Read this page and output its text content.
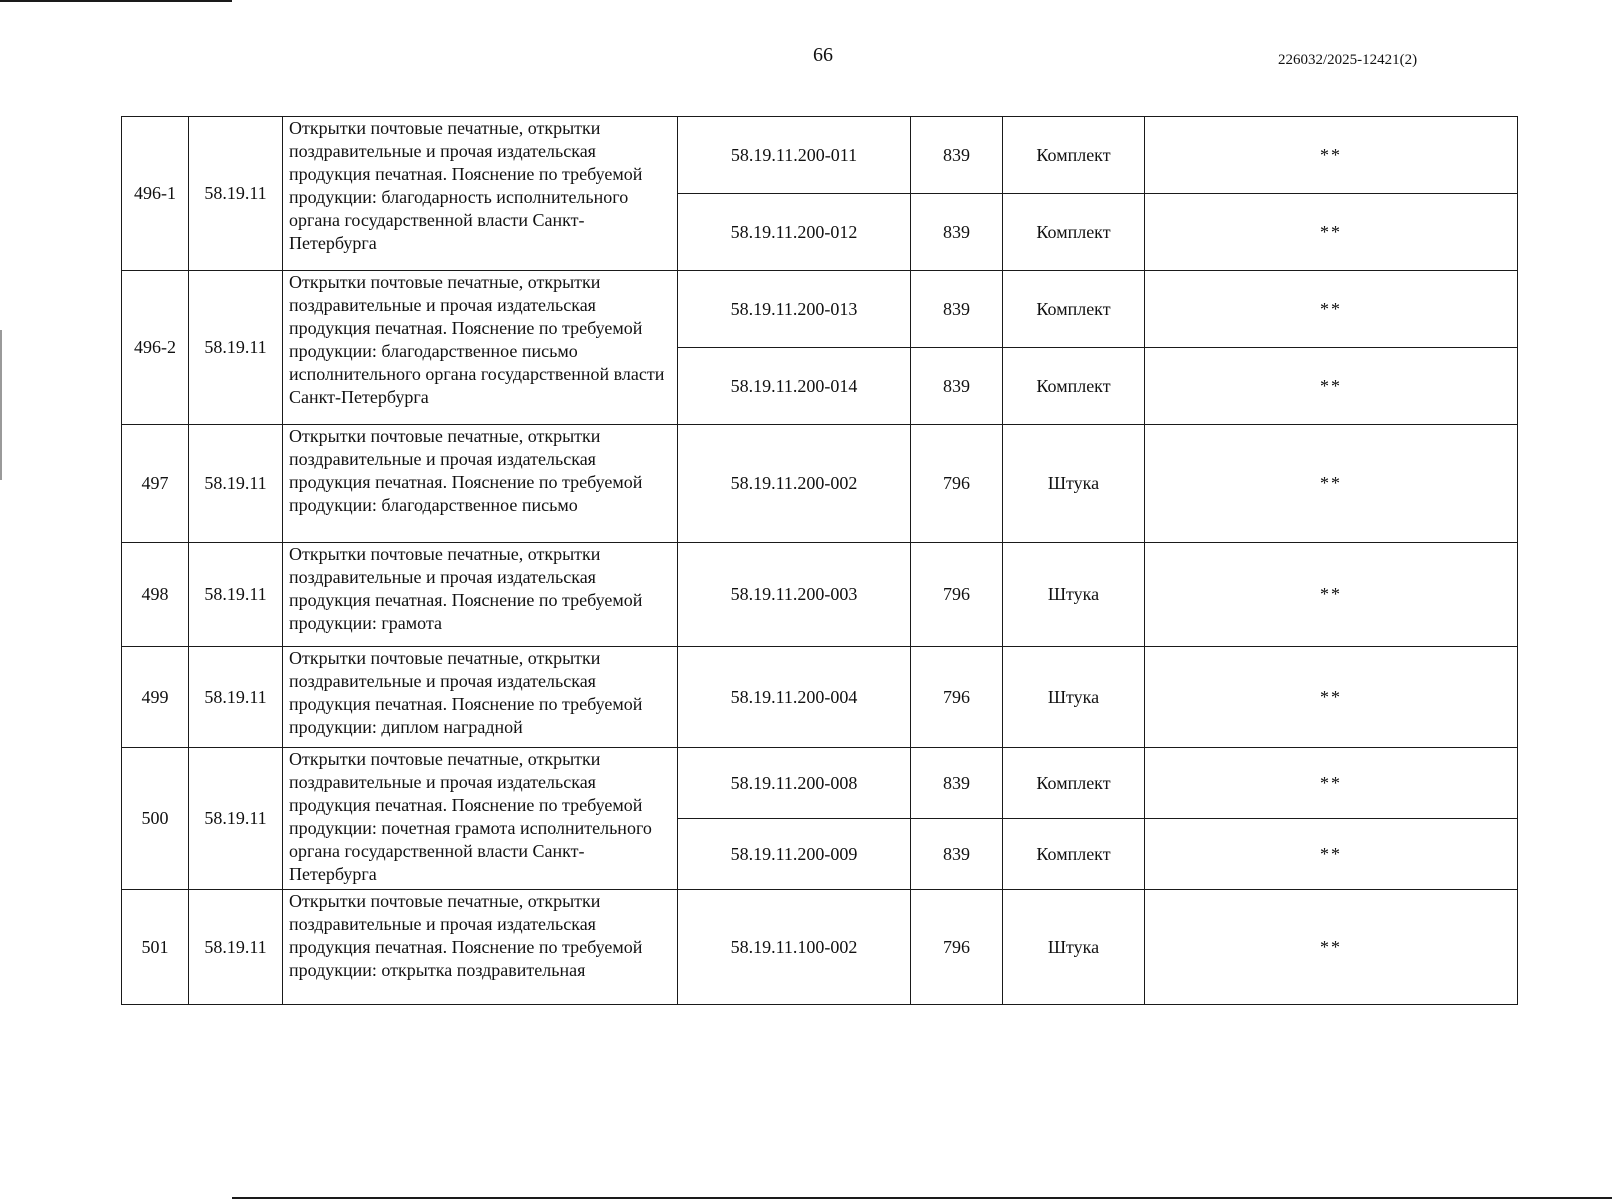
66	226032/2025-12421(2)
496-1	58.19.11	Открытки почтовые печатные, открытки поздравительные и прочая издательская продукция печатная. Пояснение по требуемой продукции: благодарность исполнительного органа государственной власти Санкт-Петербурга	58.19.11.200-011	839	Комплект	**
			58.19.11.200-012	839	Комплект	**
496-2	58.19.11	Открытки почтовые печатные, открытки поздравительные и прочая издательская продукция печатная. Пояснение по требуемой продукции: благодарственное письмо исполнительного органа государственной власти Санкт-Петербурга	58.19.11.200-013	839	Комплект	**
			58.19.11.200-014	839	Комплект	**
497	58.19.11	Открытки почтовые печатные, открытки поздравительные и прочая издательская продукция печатная. Пояснение по требуемой продукции: благодарственное письмо	58.19.11.200-002	796	Штука	**
498	58.19.11	Открытки почтовые печатные, открытки поздравительные и прочая издательская продукция печатная. Пояснение по требуемой продукции: грамота	58.19.11.200-003	796	Штука	**
499	58.19.11	Открытки почтовые печатные, открытки поздравительные и прочая издательская продукция печатная. Пояснение по требуемой продукции: диплом наградной	58.19.11.200-004	796	Штука	**
500	58.19.11	Открытки почтовые печатные, открытки поздравительные и прочая издательская продукция печатная. Пояснение по требуемой продукции: почетная грамота исполнительного органа государственной власти Санкт-Петербурга	58.19.11.200-008	839	Комплект	**
			58.19.11.200-009	839	Комплект	**
501	58.19.11	Открытки почтовые печатные, открытки поздравительные и прочая издательская продукция печатная. Пояснение по требуемой продукции: открытка поздравительная	58.19.11.100-002	796	Штука	**
